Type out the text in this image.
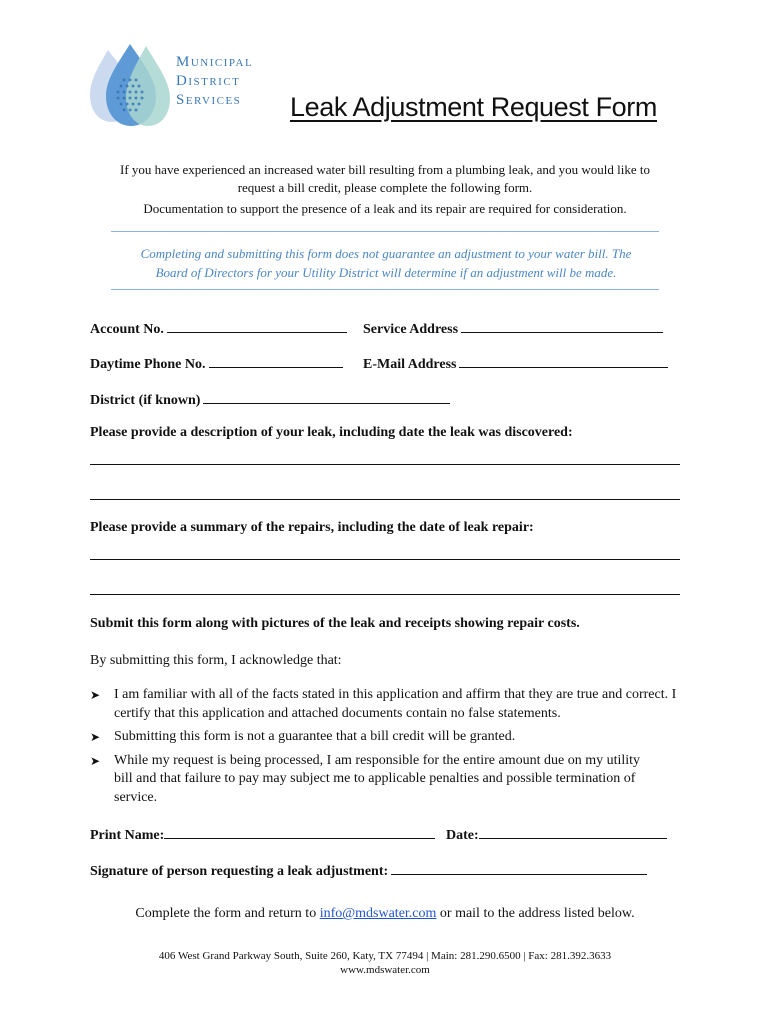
Municipal
District
Services	Leak Adjustment Request Form
If you have experienced an increased water bill resulting from a plumbing leak, and you would like to
request a bill credit, please complete the following form.
Documentation to support the presence of a leak and its repair are required for consideration.
Completing and submitting this form does not guarantee an adjustment to your water bill. The
Board of Directors for your Utility District will determine if an adjustment will be made.
Account No.	Service Address
Daytime Phone No.	E-Mail Address
District (if known)
Please provide a description of your leak, including date the leak was discovered:
Please provide a summary of the repairs, including the date of leak repair:
Submit this form along with pictures of the leak and receipts showing repair costs.
By submitting this form, I acknowledge that:
➤ I am familiar with all of the facts stated in this application and affirm that they are true and correct. I certify that this application and attached documents contain no false statements.
➤ Submitting this form is not a guarantee that a bill credit will be granted.
➤ While my request is being processed, I am responsible for the entire amount due on my utility bill and that failure to pay may subject me to applicable penalties and possible termination of service.
Print Name:	Date:
Signature of person requesting a leak adjustment:
Complete the form and return to info@mdswater.com or mail to the address listed below.
406 West Grand Parkway South, Suite 260, Katy, TX 77494 | Main: 281.290.6500 | Fax: 281.392.3633
www.mdswater.com
